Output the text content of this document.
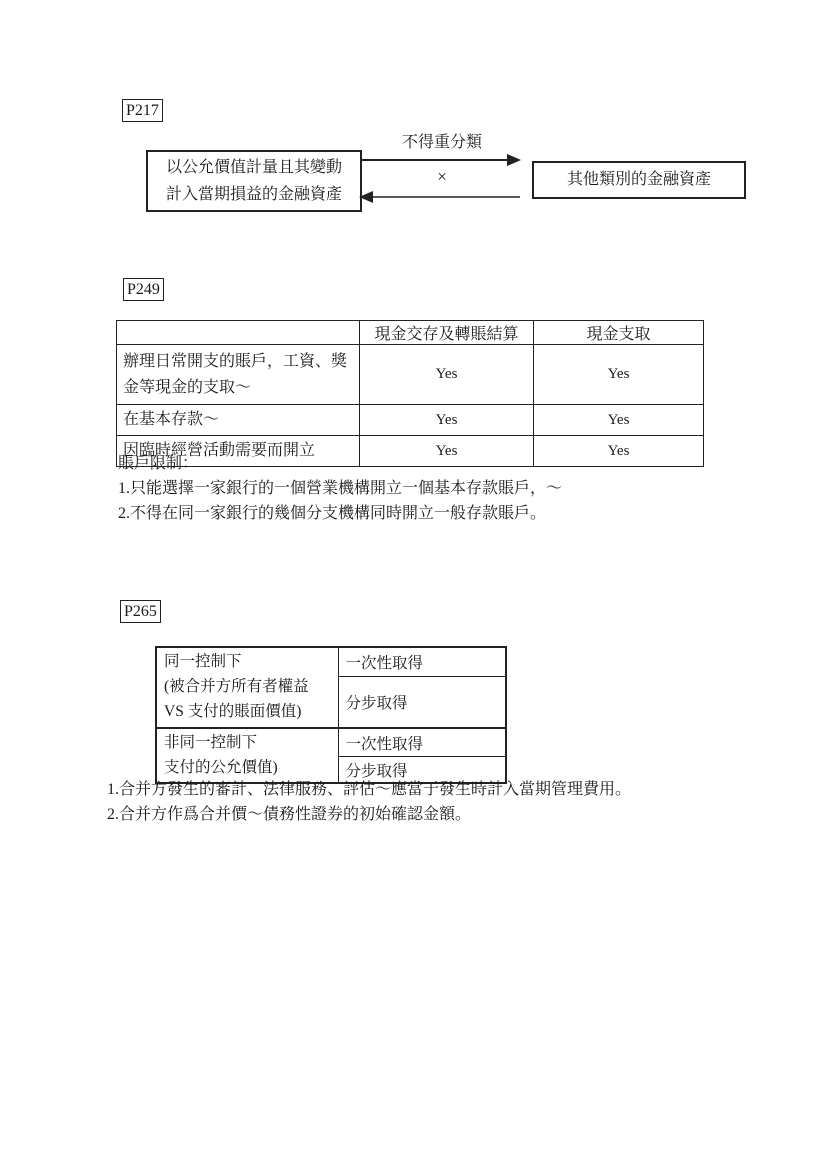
P217
以公允價值計量且其變動
計入當期損益的金融資產
不得重分類
×	其他類別的金融資產
P249
	現金交存及轉賬結算	現金支取
辦理日常開支的賬戶，工資、獎金等現金的支取～	Yes	Yes
在基本存款～	Yes	Yes
因臨時經營活動需要而開立	Yes	Yes
賬戶限制：
1.只能選擇一家銀行的一個營業機構開立一個基本存款賬戶，～
2.不得在同一家銀行的幾個分支機構同時開立一般存款賬戶。
P265
同一控制下
(被合并方所有者權益
VS 支付的賬面價值)	一次性取得
	分步取得

非同一控制下
支付的公允價值)	一次性取得
	分步取得
1.合并方發生的審計、法律服務、評估～應當于發生時計入當期管理費用。
2.合并方作爲合并價～債務性證券的初始確認金額。
